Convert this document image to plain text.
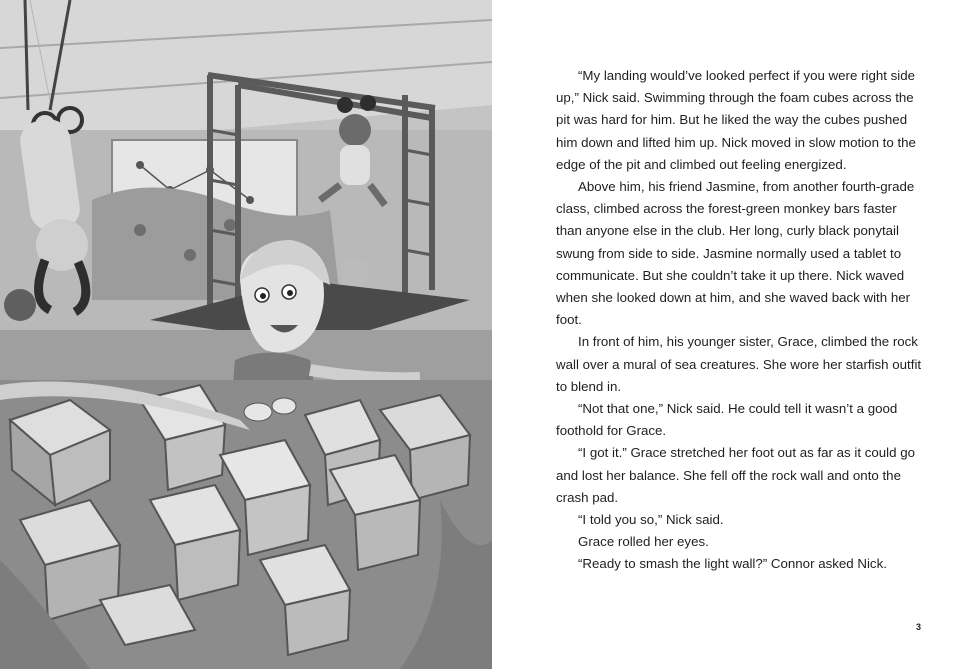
“My landing would’ve looked perfect if you were right side up,” Nick said. Swimming through the foam cubes across the pit was hard for him. But he liked the way the cubes pushed him down and lifted him up. Nick moved in slow motion to the edge of the pit and climbed out feeling energized.

Above him, his friend Jasmine, from another fourth-grade class, climbed across the forest-green monkey bars faster than anyone else in the club. Her long, curly black ponytail swung from side to side. Jasmine normally used a tablet to communicate. But she couldn’t take it up there. Nick waved when she looked down at him, and she waved back with her foot.

In front of him, his younger sister, Grace, climbed the rock wall over a mural of sea creatures. She wore her starfish outfit to blend in.

“Not that one,” Nick said. He could tell it wasn’t a good foothold for Grace.

“I got it.” Grace stretched her foot out as far as it could go and lost her balance. She fell off the rock wall and onto the crash pad.

“I told you so,” Nick said.

Grace rolled her eyes.

“Ready to smash the light wall?” Connor asked Nick.

3
